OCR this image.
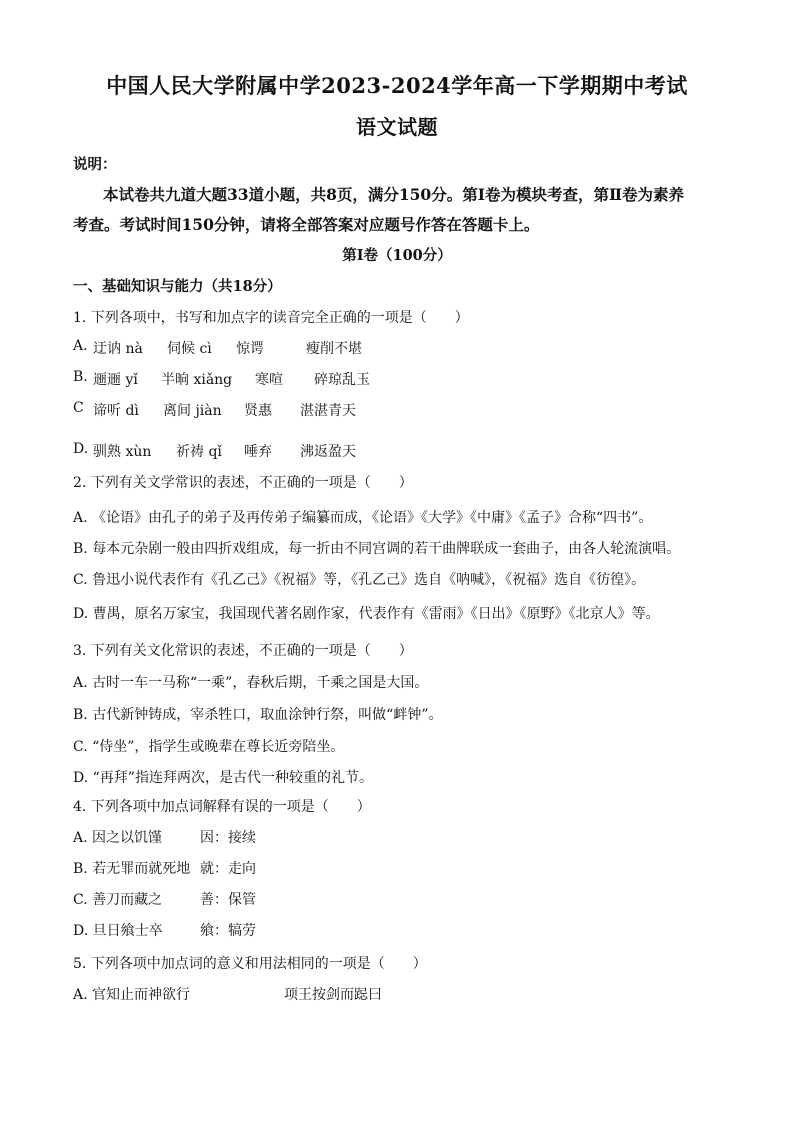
中国人民大学附属中学2023-2024学年高一下学期期中考试
语文试题
说明：
本试卷共九道大题33道小题，共8页，满分150分。第Ⅰ卷为模块考查，第Ⅱ卷为素养
考查。考试时间150分钟，请将全部答案对应题号作答在答题卡上。
第Ⅰ卷（100分）
一、基础知识与能力（共18分）
1. 下列各项中，书写和加点字的读音完全正确的一项是（　　）
A. 迂讷 nà 伺候 cì 惊谔	瘦削不堪
B. 逦逦 yǐ 半晌 xiǎng 寒喧 碎琼乱玉
C 谛听 dì 离间 jiàn 贤惠 湛湛青天
D. 驯熟 xùn 祈祷 qǐ 唾弃 沸返盈天
2. 下列有关文学常识的表述，不正确的一项是（　　）
A. 《论语》由孔子的弟子及再传弟子编纂而成，《论语》《大学》《中庸》《孟子》合称“四书”。
B. 每本元杂剧一般由四折戏组成，每一折由不同宫调的若干曲牌联成一套曲子，由各人轮流演唱。
C. 鲁迅小说代表作有《孔乙己》《祝福》等，《孔乙己》选自《呐喊》，《祝福》选自《彷徨》。
D. 曹禺，原名万家宝，我国现代著名剧作家，代表作有《雷雨》《日出》《原野》《北京人》等。
3. 下列有关文化常识的表述，不正确的一项是（　　）
A. 古时一车一马称“一乘”，春秋后期，千乘之国是大国。
B. 古代新钟铸成，宰杀牲口，取血涂钟行祭，叫做“衅钟”。
C. “侍坐”，指学生或晚辈在尊长近旁陪坐。
D. “再拜”指连拜两次，是古代一种较重的礼节。
4. 下列各项中加点词解释有误的一项是（　　）
A. 因之以饥馑	因：接续
B. 若无罪而就死地 就：走向
C. 善刀而藏之	善：保管
D. 旦日飨士卒	飨：犒劳
5. 下列各项中加点词的意义和用法相同的一项是（　　）
A. 官知止而神欲行	项王按剑而跽曰
